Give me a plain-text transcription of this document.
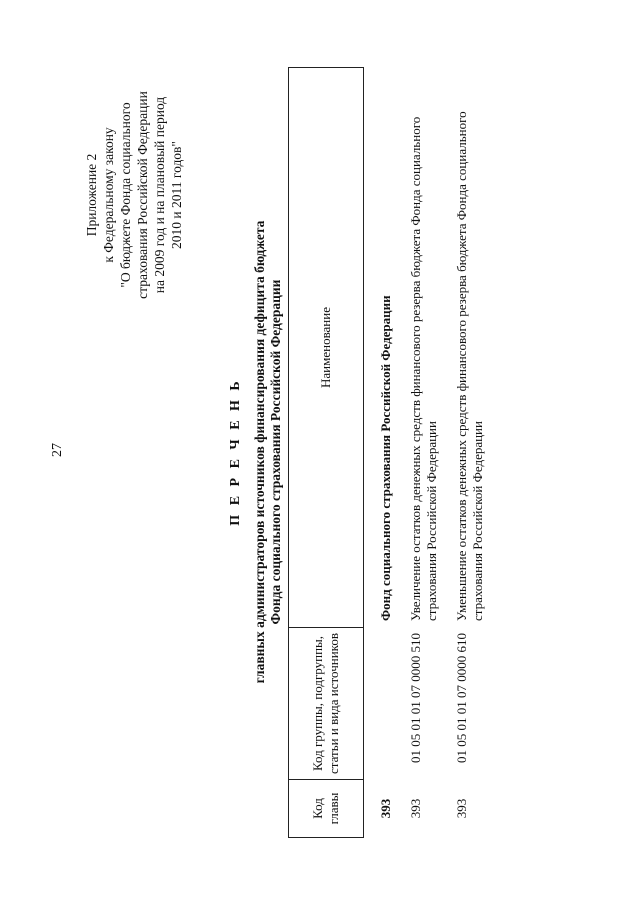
27
Приложение 2 к Федеральному закону "О бюджете Фонда социального страхования Российской Федерации на 2009 год и на плановый период 2010 и 2011 годов"
П Е Р Е Ч Е Н Ь главных администраторов источников финансирования дефицита бюджета Фонда социального страхования Российской Федерации
Код главы	Код группы, подгруппы, статьи и вида источников	Наименование
393		Фонд социального страхования Российской Федерации
393	01 05 01 01 07 0000 510	Увеличение остатков денежных средств финансового резерва бюджета Фонда социального страхования Российской Федерации
393	01 05 01 01 07 0000 610	Уменьшение остатков денежных средств финансового резерва бюджета Фонда социального страхования Российской Федерации
